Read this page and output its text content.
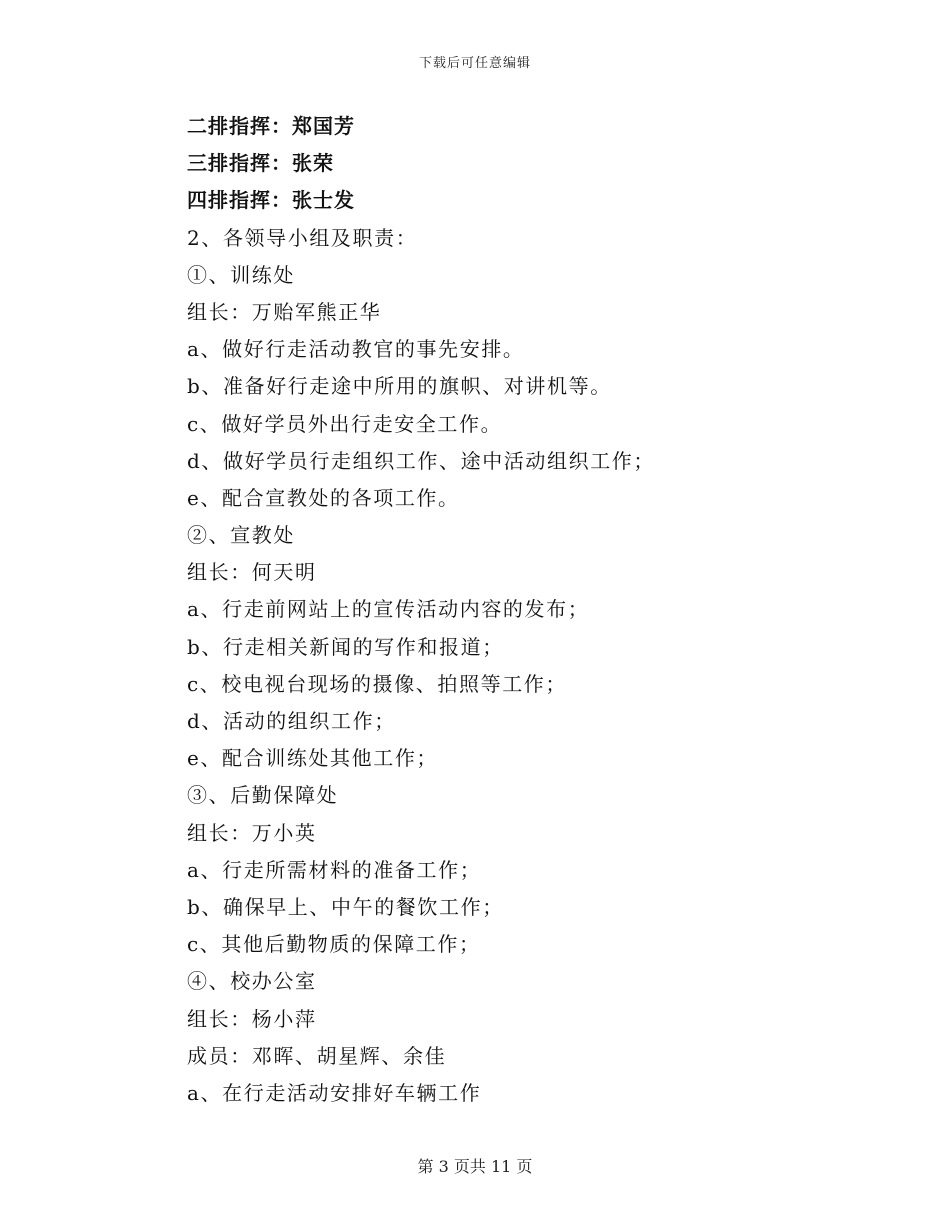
下载后可任意编辑
二排指挥：郑国芳
三排指挥：张荣
四排指挥：张士发
2、各领导小组及职责：
①、训练处
组长：万贻军熊正华
a、做好行走活动教官的事先安排。
b、准备好行走途中所用的旗帜、对讲机等。
c、做好学员外出行走安全工作。
d、做好学员行走组织工作、途中活动组织工作；
e、配合宣教处的各项工作。
②、宣教处
组长：何天明
a、行走前网站上的宣传活动内容的发布；
b、行走相关新闻的写作和报道；
c、校电视台现场的摄像、拍照等工作；
d、活动的组织工作；
e、配合训练处其他工作；
③、后勤保障处
组长：万小英
a、行走所需材料的准备工作；
b、确保早上、中午的餐饮工作；
c、其他后勤物质的保障工作；
④、校办公室
组长：杨小萍
成员：邓晖、胡星辉、余佳
a、在行走活动安排好车辆工作
第 3 页共 11 页
